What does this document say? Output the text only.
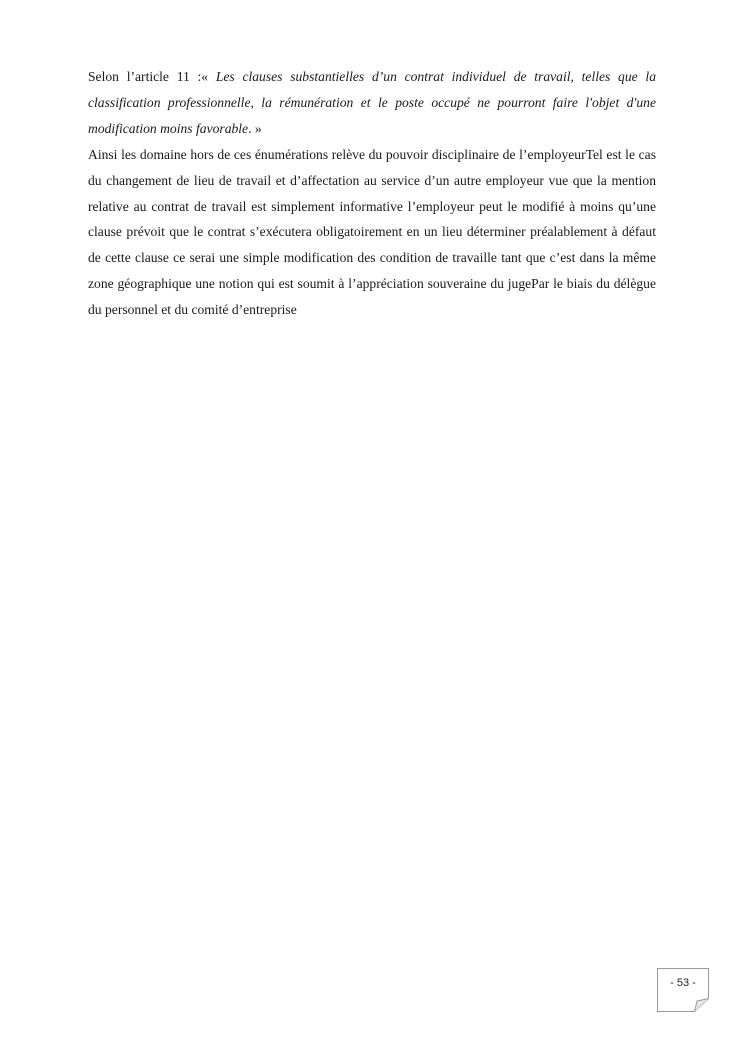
Selon l’article 11 :« Les clauses substantielles d’un contrat individuel de travail, telles que la classification professionnelle, la rémunération et le poste occupé ne pourront faire l'objet d'une modification moins favorable. »

Ainsi les domaine hors de ces énumérations relève du pouvoir disciplinaire de l’employeurTel est le cas du changement de lieu de travail et d’affectation au service d’un autre employeur vue que la mention relative au contrat de travail est simplement informative l’employeur peut le modifié à moins qu’une clause prévoit que le contrat s’exécutera obligatoirement en un lieu déterminer préalablement à défaut de cette clause ce serai une simple modification des condition de travaille tant que c’est dans la même zone géographique une notion qui est soumit à l’appréciation souveraine du jugePar le biais du délègue du personnel et du comité d’entreprise

- 53 -
